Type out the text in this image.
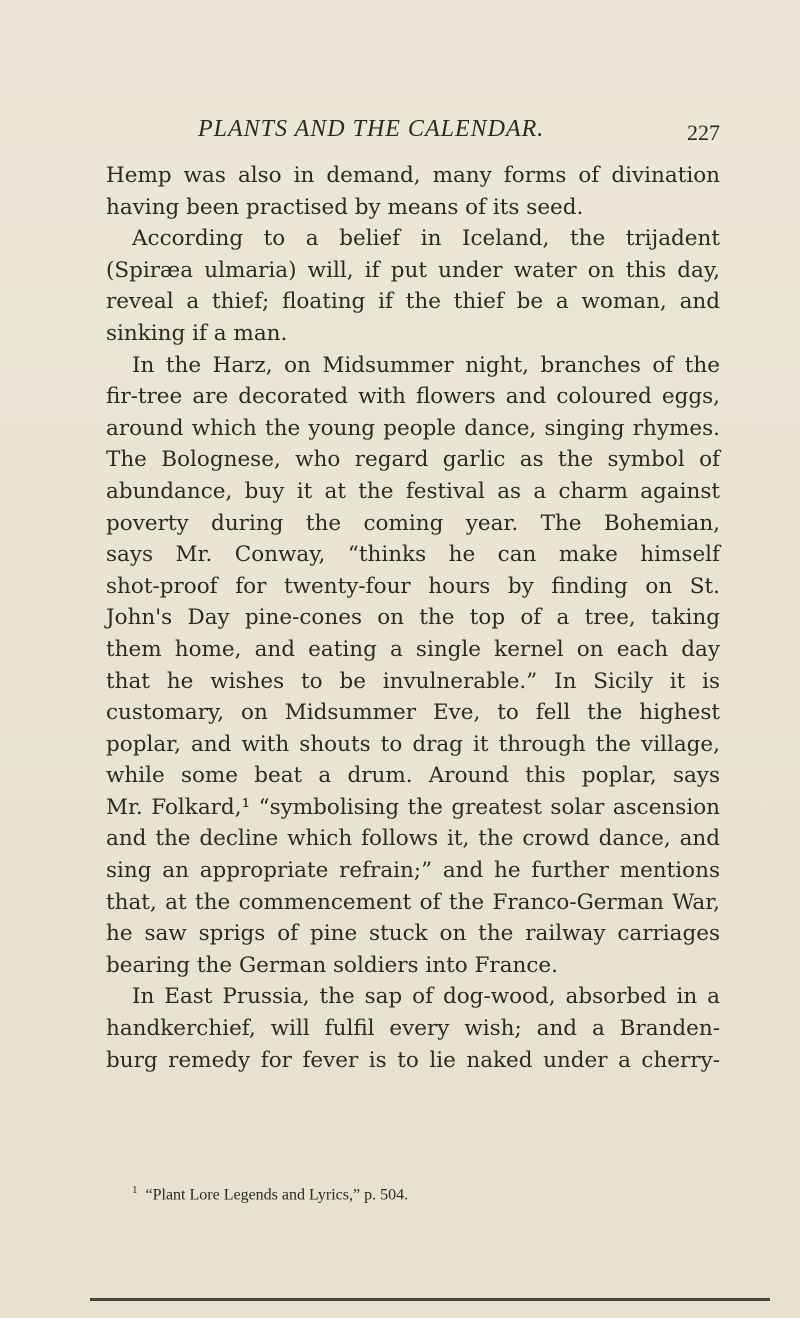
PLANTS AND THE CALENDAR.	227
Hemp was also in demand, many forms of divination
having been practised by means of its seed.
According to a belief in Iceland, the trijadent
(Spiræa ulmaria) will, if put under water on this day,
reveal a thief; floating if the thief be a woman, and
sinking if a man.
In the Harz, on Midsummer night, branches of the
fir-tree are decorated with flowers and coloured eggs,
around which the young people dance, singing rhymes.
The Bolognese, who regard garlic as the symbol of
abundance, buy it at the festival as a charm against
poverty during the coming year. The Bohemian,
says Mr. Conway, “thinks he can make himself
shot-proof for twenty-four hours by finding on St.
John's Day pine-cones on the top of a tree, taking
them home, and eating a single kernel on each day
that he wishes to be invulnerable.” In Sicily it is
customary, on Midsummer Eve, to fell the highest
poplar, and with shouts to drag it through the village,
while some beat a drum. Around this poplar, says
Mr. Folkard,¹ “symbolising the greatest solar ascension
and the decline which follows it, the crowd dance, and
sing an appropriate refrain;” and he further mentions
that, at the commencement of the Franco-German War,
he saw sprigs of pine stuck on the railway carriages
bearing the German soldiers into France.
In East Prussia, the sap of dog-wood, absorbed in a
handkerchief, will fulfil every wish; and a Branden-
burg remedy for fever is to lie naked under a cherry-
$^1$ “Plant Lore Legends and Lyrics,” p. 504.
